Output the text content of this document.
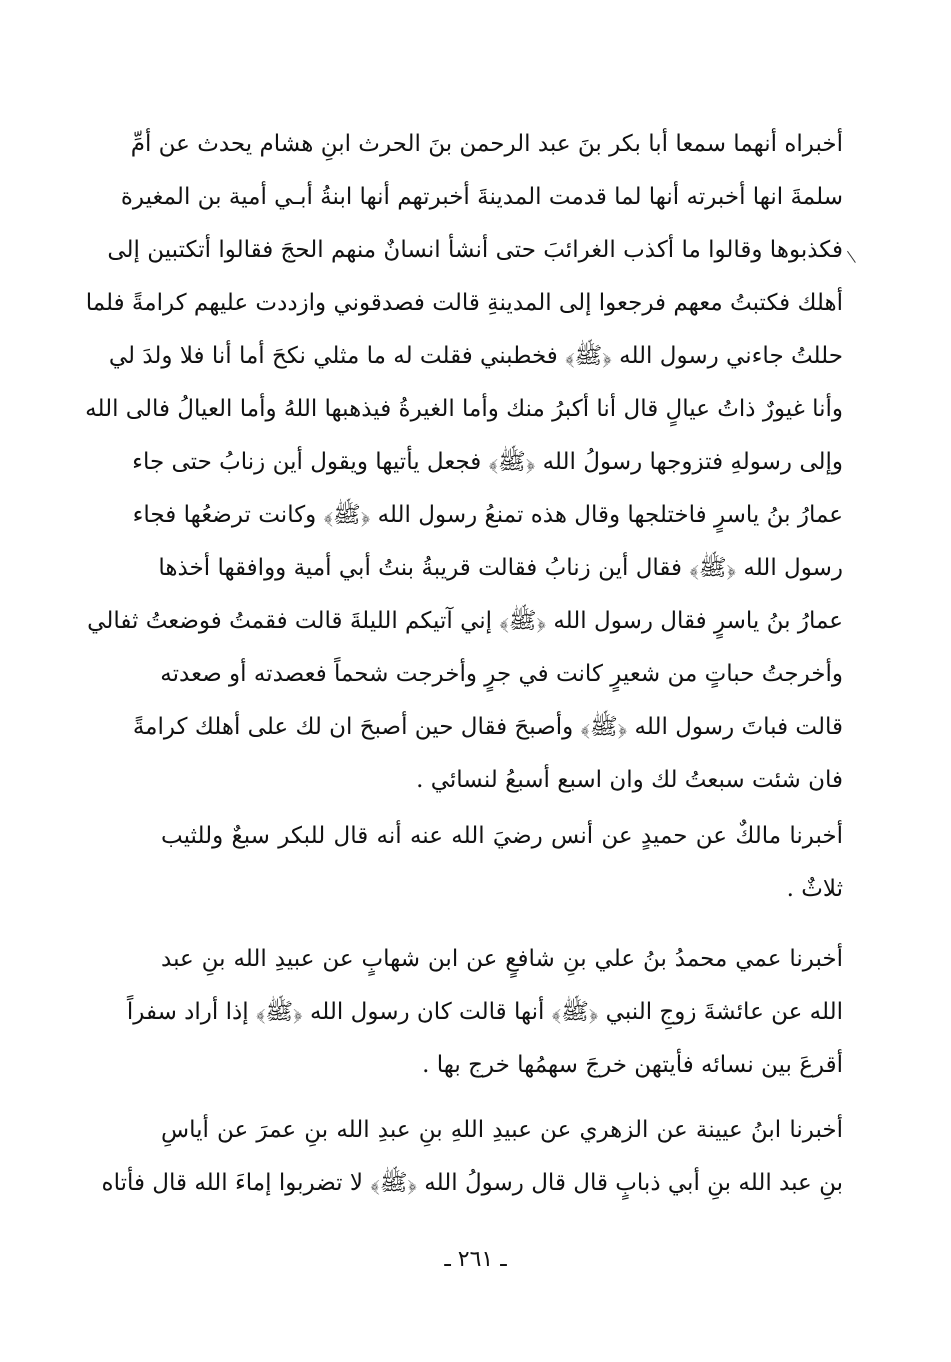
أخبراه أنهما سمعا أبا بكر بنَ عبد الرحمن بنَ الحرث ابنِ هشام يحدث عن أمِّ
سلمةَ انها أخبرته أنها لما قدمت المدينةَ أخبرتهم أنها ابنةُ أبـي أمية بن المغيرة
فكذبوها وقالوا ما أكذب الغرائبَ حتى أنشأ انسانٌ منهم الحجَ فقالوا أتكتبين إلى
أهلك فكتبتُ معهم فرجعوا إلى المدينةِ قالت فصدقوني وازددت عليهم كرامةً فلما
حللتُ جاءني رسول الله ﴿ﷺ﴾ فخطبني فقلت له ما مثلي نكحَ أما أنا فلا ولدَ لي
وأنا غيورٌ ذاتُ عيالٍ قال أنا أكبرُ منك وأما الغيرةُ فيذهبها اللهُ وأما العيالُ فالى الله
وإلى رسولهِ فتزوجها رسولُ الله ﴿ﷺ﴾ فجعل يأتيها ويقول أين زنابُ حتى جاء
عمارُ بنُ ياسرٍ فاختلجها وقال هذه تمنعُ رسول الله ﴿ﷺ﴾ وكانت ترضعُها فجاء
رسول الله ﴿ﷺ﴾ فقال أين زنابُ فقالت قريبةُ بنتُ أبي أمية ووافقها أخذها
عمارُ بنُ ياسرٍ فقال رسول الله ﴿ﷺ﴾ إني آتيكم الليلةَ قالت فقمتُ فوضعتُ ثفالي
وأخرجتُ حباتٍ من شعيرٍ كانت في جرٍ وأخرجت شحماً فعصدته أو صعدته
قالت فباتَ رسول الله ﴿ﷺ﴾ وأصبحَ فقال حين أصبحَ ان لك على أهلك كرامةً
فان شئت سبعتُ لك وان اسبع أسبعُ لنسائي .
أخبرنا مالكٌ عن حميدٍ عن أنس رضيَ الله عنه أنه قال للبكر سبعٌ وللثيب
ثلاثٌ .
أخبرنا عمي محمدُ بنُ علي بنِ شافعٍ عن ابن شهابٍ عن عبيدِ الله بنِ عبد
الله عن عائشةَ زوجِ النبي ﴿ﷺ﴾ أنها قالت كان رسول الله ﴿ﷺ﴾ إذا أراد سفراً
أقرعَ بين نسائه فأيتهن خرجَ سهمُها خرج بها .
أخبرنا ابنُ عيينة عن الزهري عن عبيدِ اللهِ بنِ عبدِ الله بنِ عمرَ عن أياسِ
بنِ عبد الله بنِ أبي ذبابٍ قال قال رسولُ الله ﴿ﷺ﴾ لا تضربوا إماءَ الله قال فأتاه
ـ ٢٦١ ـ
